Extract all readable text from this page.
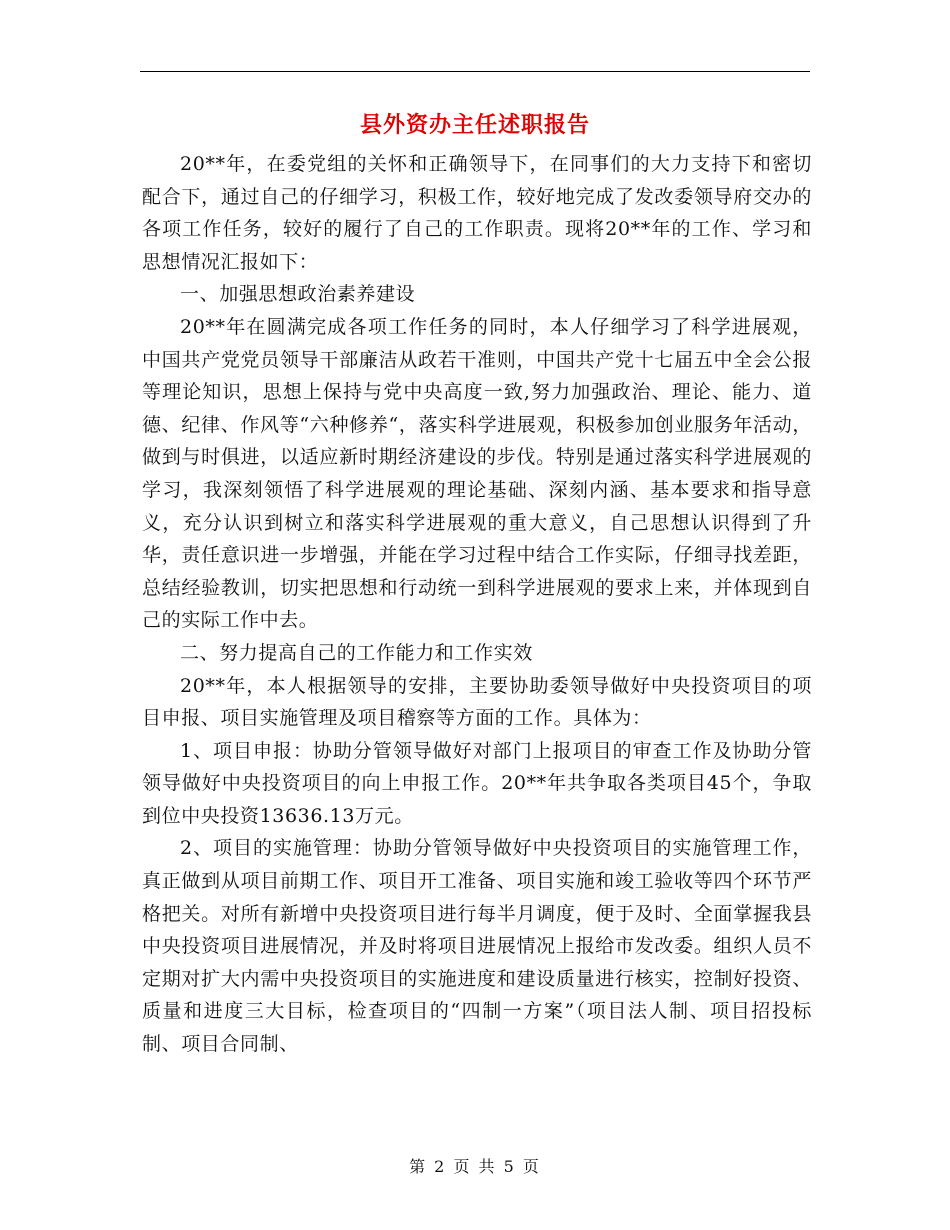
县外资办主任述职报告

20**年，在委党组的关怀和正确领导下，在同事们的大力支持下和密切配合下，通过自己的仔细学习，积极工作，较好地完成了发改委领导府交办的各项工作任务，较好的履行了自己的工作职责。现将20**年的工作、学习和思想情况汇报如下：

一、加强思想政治素养建设

20**年在圆满完成各项工作任务的同时，本人仔细学习了科学进展观，中国共产党党员领导干部廉洁从政若干准则，中国共产党十七届五中全会公报等理论知识，思想上保持与党中央高度一致,努力加强政治、理论、能力、道德、纪律、作风等“六种修养“，落实科学进展观，积极参加创业服务年活动，做到与时俱进，以适应新时期经济建设的步伐。特别是通过落实科学进展观的学习，我深刻领悟了科学进展观的理论基础、深刻内涵、基本要求和指导意义，充分认识到树立和落实科学进展观的重大意义，自己思想认识得到了升华，责任意识进一步增强，并能在学习过程中结合工作实际，仔细寻找差距，总结经验教训，切实把思想和行动统一到科学进展观的要求上来，并体现到自己的实际工作中去。

二、努力提高自己的工作能力和工作实效

20**年，本人根据领导的安排，主要协助委领导做好中央投资项目的项目申报、项目实施管理及项目稽察等方面的工作。具体为：

1、项目申报：协助分管领导做好对部门上报项目的审查工作及协助分管领导做好中央投资项目的向上申报工作。20**年共争取各类项目45个，争取到位中央投资13636.13万元。

2、项目的实施管理：协助分管领导做好中央投资项目的实施管理工作，真正做到从项目前期工作、项目开工准备、项目实施和竣工验收等四个环节严格把关。对所有新增中央投资项目进行每半月调度，便于及时、全面掌握我县中央投资项目进展情况，并及时将项目进展情况上报给市发改委。组织人员不定期对扩大内需中央投资项目的实施进度和建设质量进行核实，控制好投资、质量和进度三大目标，检查项目的“四制一方案”（项目法人制、项目招投标制、项目合同制、

第 2 页 共 5 页
